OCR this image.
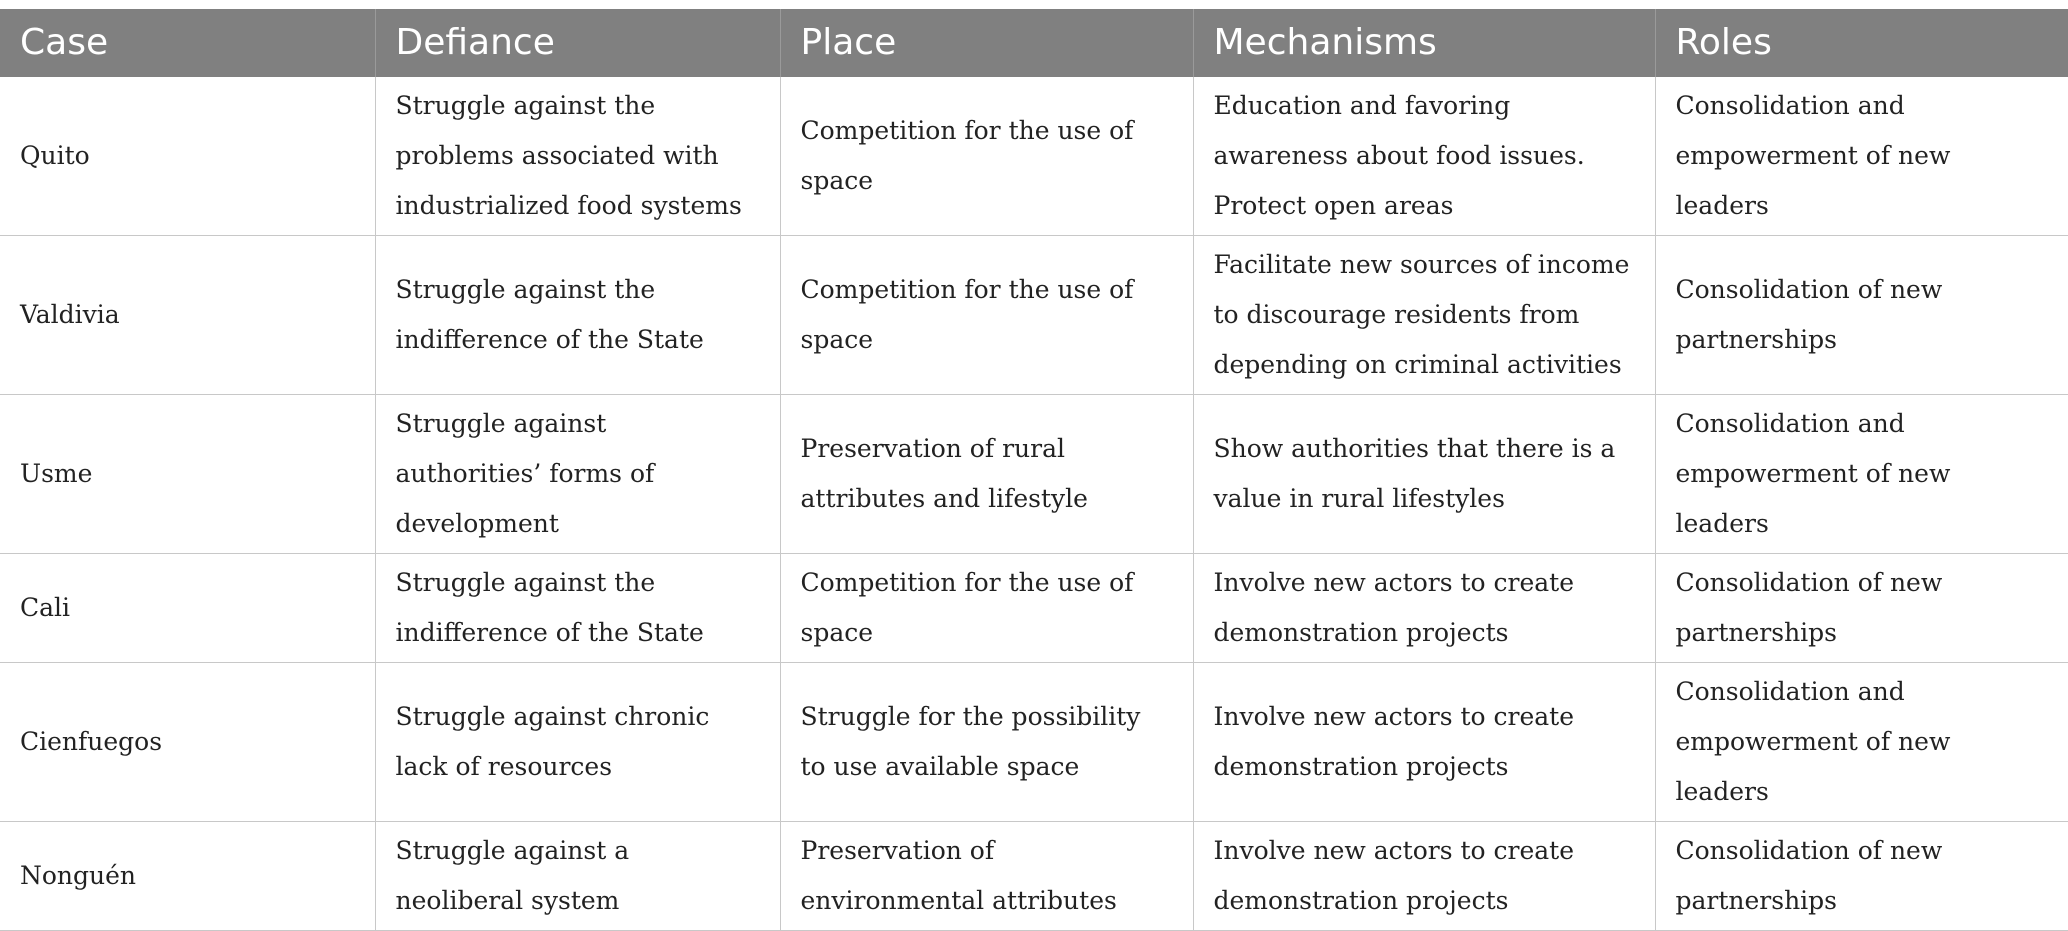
Case	Defiance	Place	Mechanisms	Roles
Quito	Struggle against the problems associated with industrialized food systems	Competition for the use of space	Education and favoring awareness about food issues. Protect open areas	Consolidation and empowerment of new leaders
Valdivia	Struggle against the indifference of the State	Competition for the use of space	Facilitate new sources of income to discourage residents from depending on criminal activities	Consolidation of new partnerships
Usme	Struggle against authorities’ forms of development	Preservation of rural attributes and lifestyle	Show authorities that there is a value in rural lifestyles	Consolidation and empowerment of new leaders
Cali	Struggle against the indifference of the State	Competition for the use of space	Involve new actors to create demonstration projects	Consolidation of new partnerships
Cienfuegos	Struggle against chronic lack of resources	Struggle for the possibility to use available space	Involve new actors to create demonstration projects	Consolidation and empowerment of new leaders
Nonguén	Struggle against a neoliberal system	Preservation of environmental attributes	Involve new actors to create demonstration projects	Consolidation of new partnerships
